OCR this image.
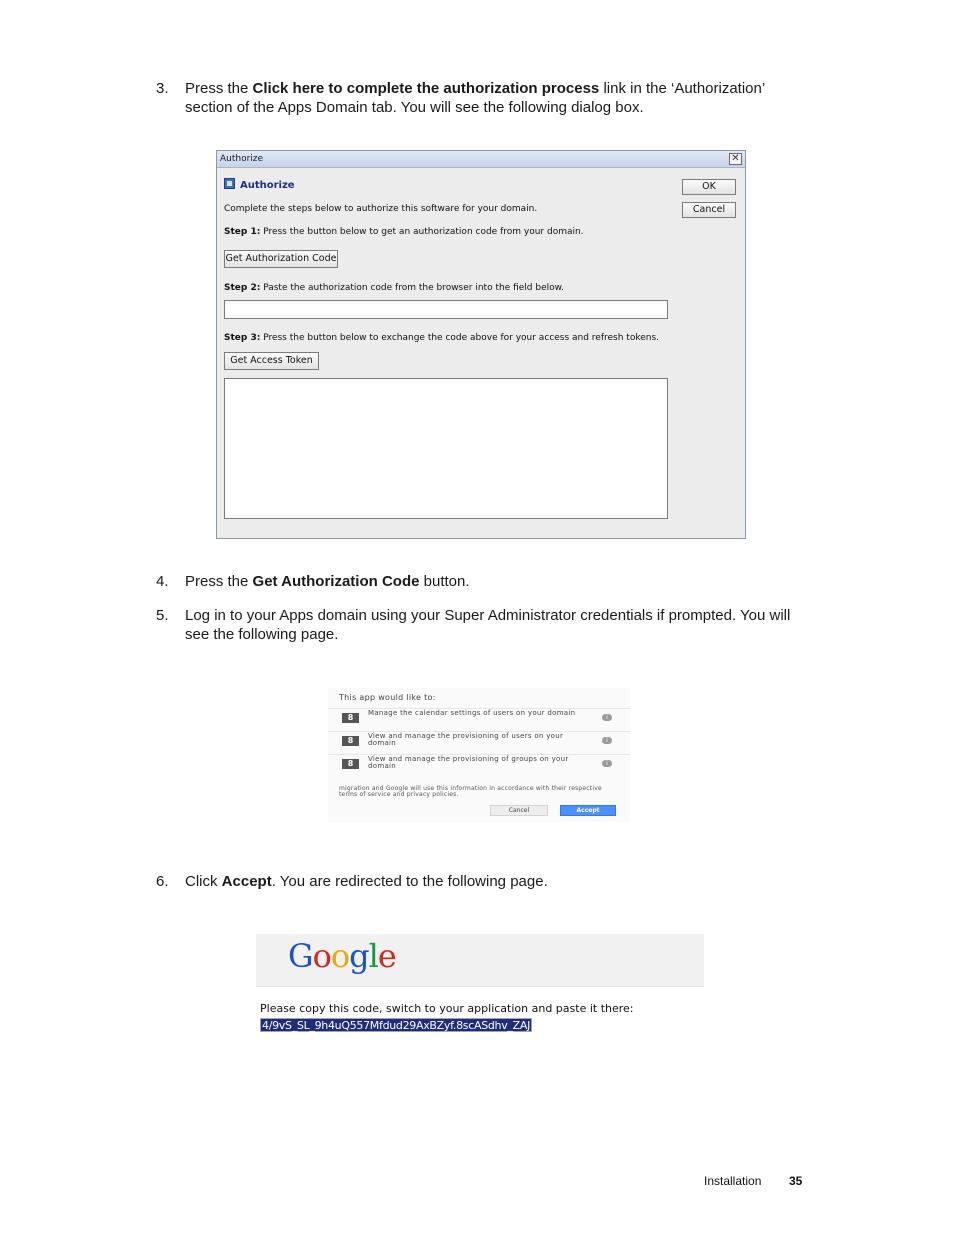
3. Press the Click here to complete the authorization process link in the ‘Authorization’ section of the Apps Domain tab. You will see the following dialog box.
Authorize	✕
Authorize	OK
Cancel
Complete the steps below to authorize this software for your domain.
Step 1: Press the button below to get an authorization code from your domain.
Get Authorization Code
Step 2: Paste the authorization code from the browser into the field below.
Step 3: Press the button below to exchange the code above for your access and refresh tokens.
Get Access Token
4. Press the Get Authorization Code button.
5. Log in to your Apps domain using your Super Administrator credentials if prompted. You will see the following page.
This app would like to:
8	Manage the calendar settings of users on your domain
i
8	View and manage the provisioning of users on your domain	i
8	View and manage the provisioning of groups on your domain	i
migration and Google will use this information in accordance with their respective terms of service and privacy policies.
Cancel	Accept
6. Click Accept. You are redirected to the following page.
Google
Please copy this code, switch to your application and paste it there:
4/9vS_SL_9h4uQ557Mfdud29AxBZyf.8scASdhv_ZAJ
Installation 35
